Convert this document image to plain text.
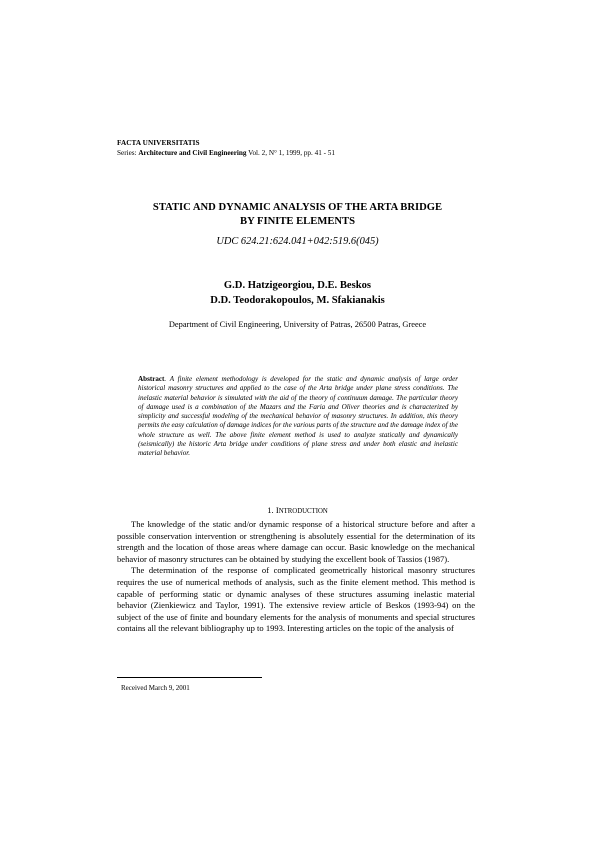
FACTA UNIVERSITATIS
Series: Architecture and Civil Engineering Vol. 2, N° 1, 1999, pp. 41 - 51
STATIC AND DYNAMIC ANALYSIS OF THE ARTA BRIDGE
BY FINITE ELEMENTS
UDC 624.21:624.041+042:519.6(045)
G.D. Hatzigeorgiou, D.E. Beskos
D.D. Teodorakopoulos, M. Sfakianakis
Department of Civil Engineering, University of Patras, 26500 Patras, Greece
Abstract. A finite element methodology is developed for the static and dynamic analysis of large order historical masonry structures and applied to the case of the Arta bridge under plane stress conditions. The inelastic material behavior is simulated with the aid of the theory of continuum damage. The particular theory of damage used is a combination of the Mazars and the Faria and Oliver theories and is characterized by simplicity and successful modeling of the mechanical behavior of masonry structures. In addition, this theory permits the easy calculation of damage indices for the various parts of the structure and the damage index of the whole structure as well. The above finite element method is used to analyze statically and dynamically (seismically) the historic Arta bridge under conditions of plane stress and under both elastic and inelastic material behavior.
1. INTRODUCTION

The knowledge of the static and/or dynamic response of a historical structure before and after a possible conservation intervention or strengthening is absolutely essential for the determination of its strength and the location of those areas where damage can occur. Basic knowledge on the mechanical behavior of masonry structures can be obtained by studying the excellent book of Tassios (1987).

The determination of the response of complicated geometrically historical masonry structures requires the use of numerical methods of analysis, such as the finite element method. This method is capable of performing static or dynamic analyses of these structures assuming inelastic material behavior (Zienkiewicz and Taylor, 1991). The extensive review article of Beskos (1993-94) on the subject of the use of finite and boundary elements for the analysis of monuments and special structures contains all the relevant bibliography up to 1993. Interesting articles on the topic of the analysis of

Received March 9, 2001
